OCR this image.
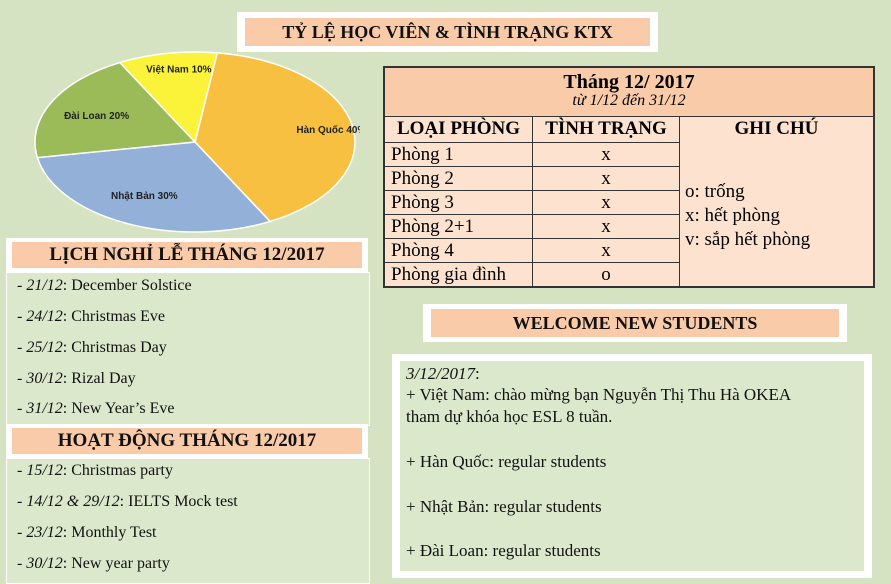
TỶ LỆ HỌC VIÊN & TÌNH TRẠNG KTX
Hàn Quốc 40%
Nhật Bản 30%
Đài Loan 20%
Việt Nam 10%
Tháng 12/ 2017
từ 1/12 đến 31/12
LOẠI PHÒNG	TÌNH TRẠNG	GHI CHÚ
Phòng 1	x
Phòng 2	x
Phòng 3	x
Phòng 2+1	x
Phòng 4	x
Phòng gia đình	o
o: trống
x: hết phòng
v: sắp hết phòng
LỊCH NGHỈ LỄ THÁNG 12/2017
- 21/12: December Solstice
- 24/12: Christmas Eve
- 25/12: Christmas Day
- 30/12: Rizal Day
- 31/12: New Year’s Eve
HOẠT ĐỘNG THÁNG 12/2017
- 15/12: Christmas party
- 14/12 & 29/12: IELTS Mock test
- 23/12: Monthly Test
- 30/12: New year party
WELCOME NEW STUDENTS
3/12/2017:
+ Việt Nam: chào mừng bạn Nguyễn Thị Thu Hà OKEA
tham dự khóa học ESL 8 tuần.
+ Hàn Quốc: regular students
+ Nhật Bản: regular students
+ Đài Loan: regular students
